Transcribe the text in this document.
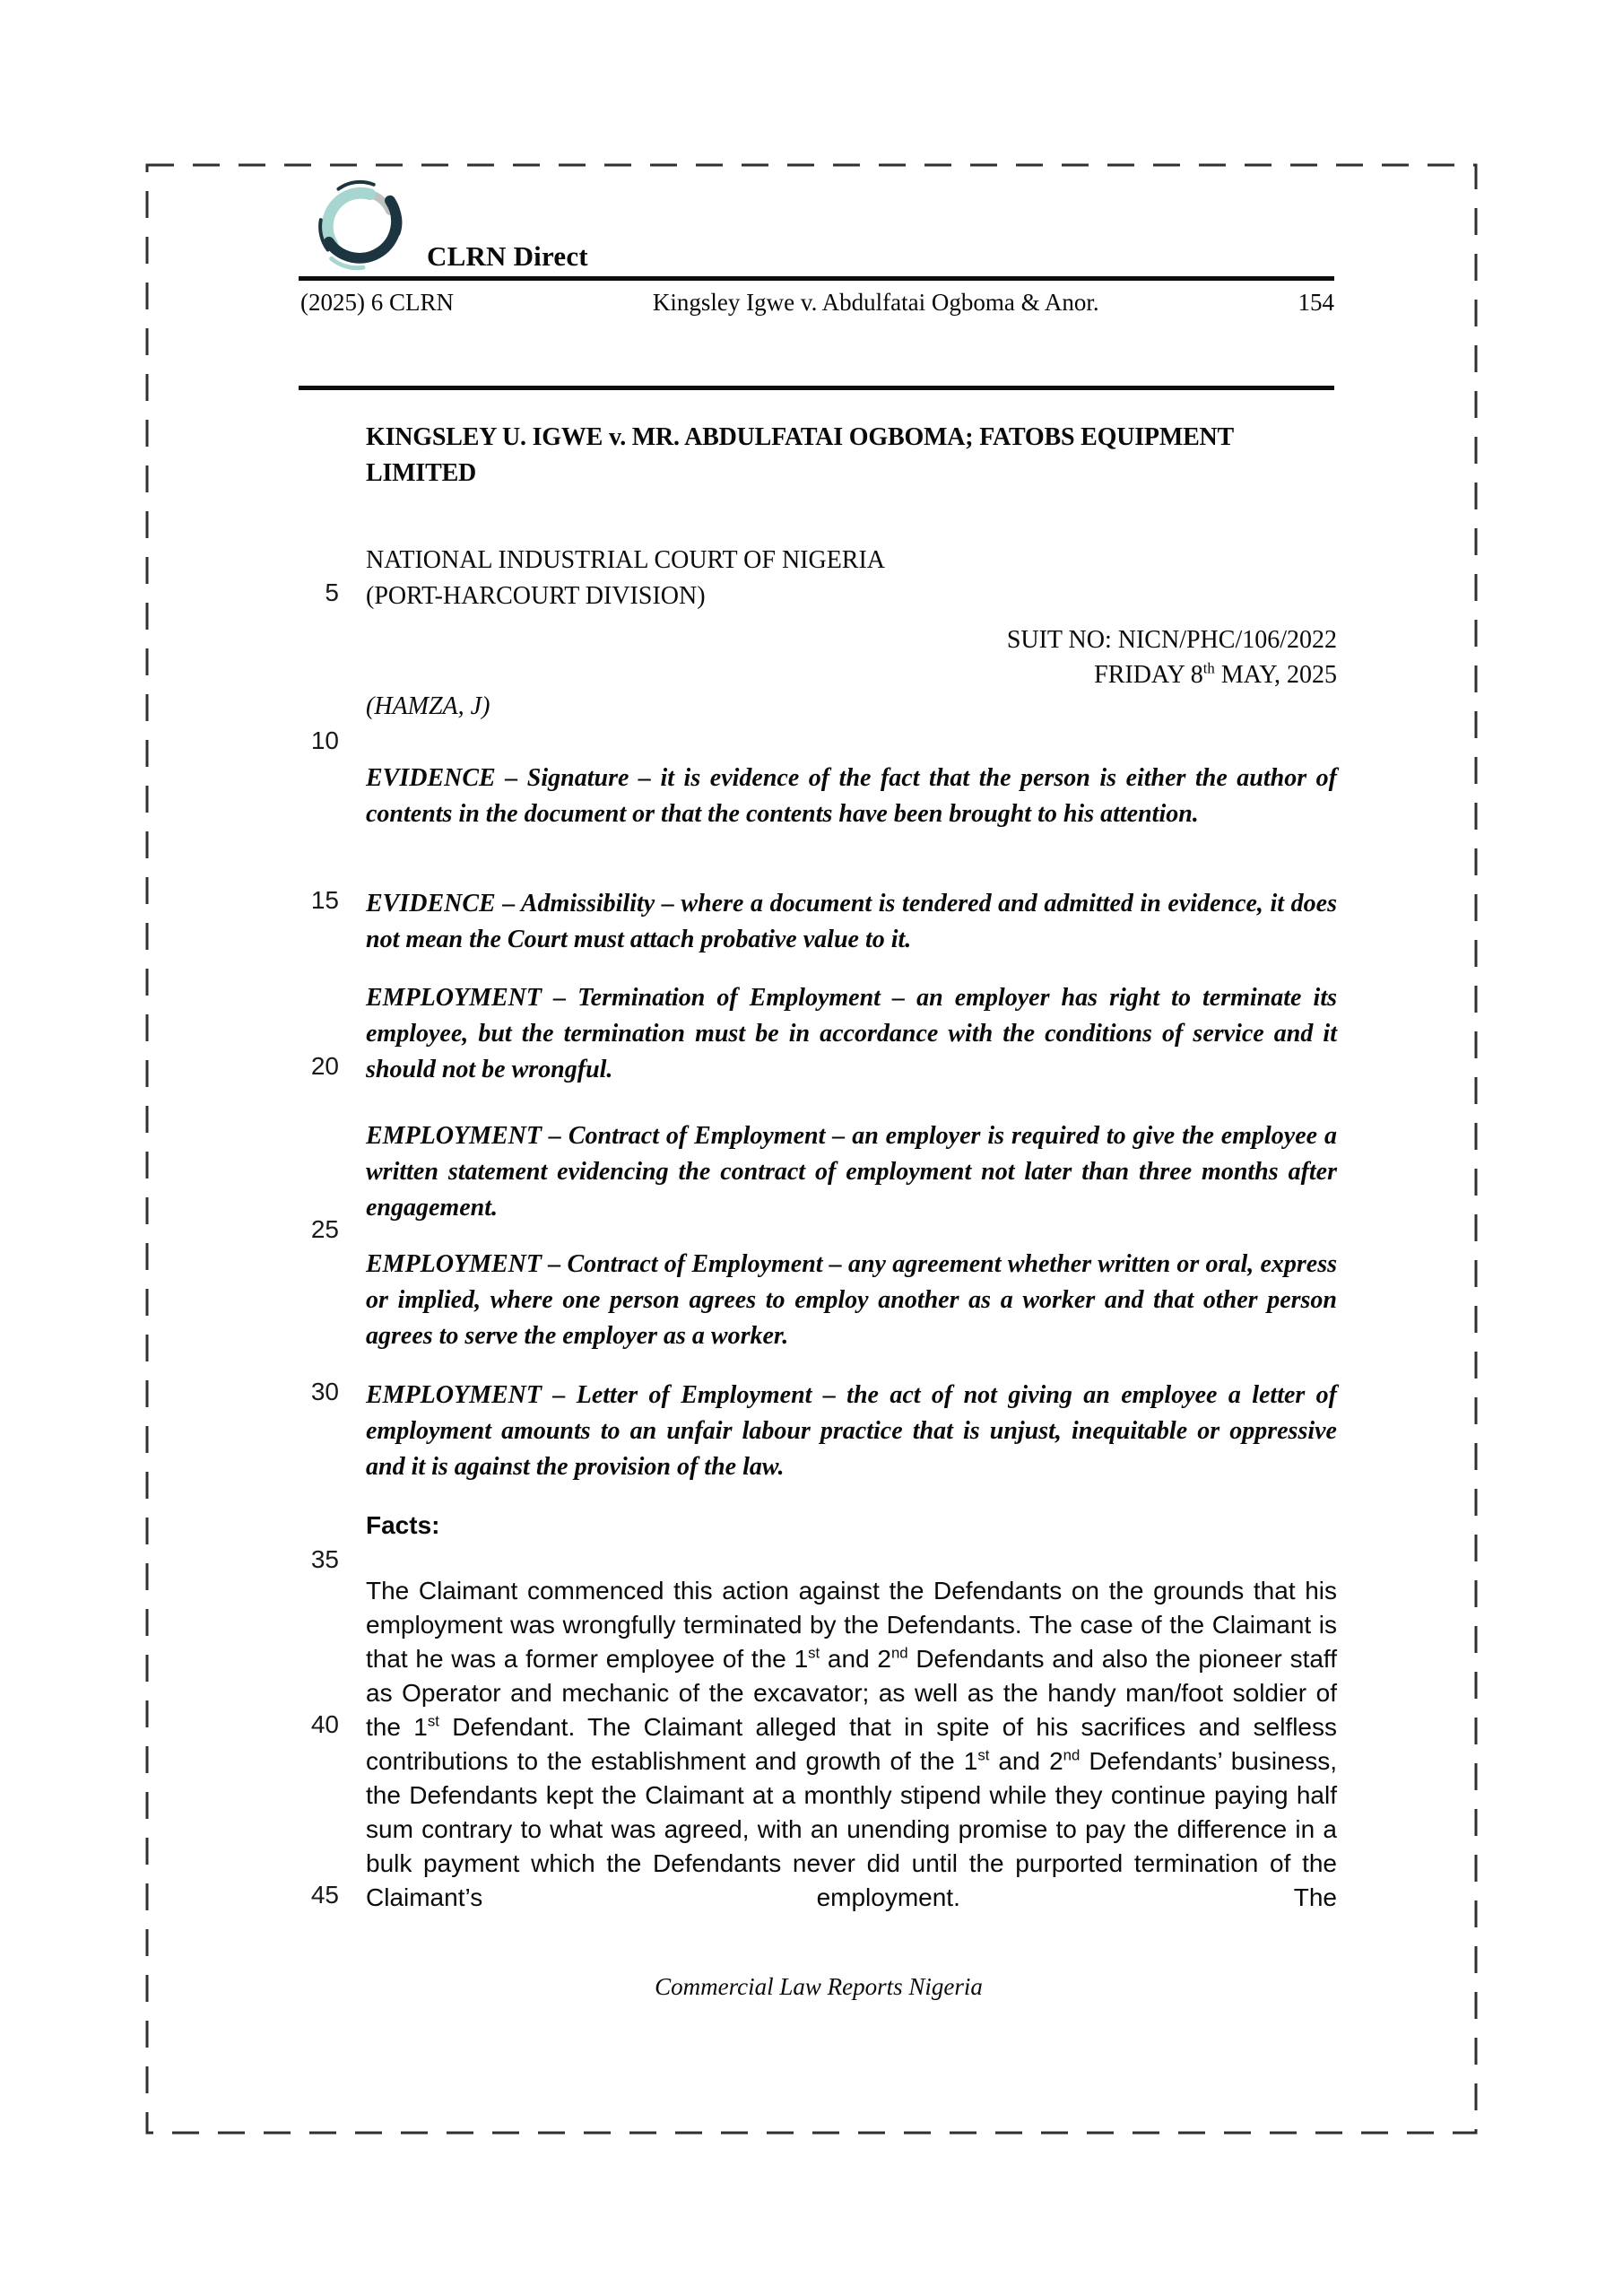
CLRN Direct
(2025) 6 CLRN	Kingsley Igwe v. Abdulfatai Ogboma & Anor.	154
KINGSLEY U. IGWE v. MR. ABDULFATAI OGBOMA; FATOBS EQUIPMENT LIMITED
NATIONAL INDUSTRIAL COURT OF NIGERIA
(PORT-HARCOURT DIVISION)
SUIT NO: NICN/PHC/106/2022
FRIDAY 8th MAY, 2025
(HAMZA, J)
5
10
15
20
25
30
35
40
45
EVIDENCE – Signature – it is evidence of the fact that the person is either the author of contents in the document or that the contents have been brought to his attention.
EVIDENCE – Admissibility – where a document is tendered and admitted in evidence, it does not mean the Court must attach probative value to it.
EMPLOYMENT – Termination of Employment – an employer has right to terminate its employee, but the termination must be in accordance with the conditions of service and it should not be wrongful.
EMPLOYMENT – Contract of Employment – an employer is required to give the employee a written statement evidencing the contract of employment not later than three months after engagement.
EMPLOYMENT – Contract of Employment – any agreement whether written or oral, express or implied, where one person agrees to employ another as a worker and that other person agrees to serve the employer as a worker.
EMPLOYMENT – Letter of Employment – the act of not giving an employee a letter of employment amounts to an unfair labour practice that is unjust, inequitable or oppressive and it is against the provision of the law.
Facts:
The Claimant commenced this action against the Defendants on the grounds that his employment was wrongfully terminated by the Defendants. The case of the Claimant is that he was a former employee of the 1st and 2nd Defendants and also the pioneer staff as Operator and mechanic of the excavator; as well as the handy man/foot soldier of the 1st Defendant. The Claimant alleged that in spite of his sacrifices and selfless contributions to the establishment and growth of the 1st and 2nd Defendants’ business, the Defendants kept the Claimant at a monthly stipend while they continue paying half sum contrary to what was agreed, with an unending promise to pay the difference in a bulk payment which the Defendants never did until the purported termination of the Claimant’s employment. The
Commercial Law Reports Nigeria
